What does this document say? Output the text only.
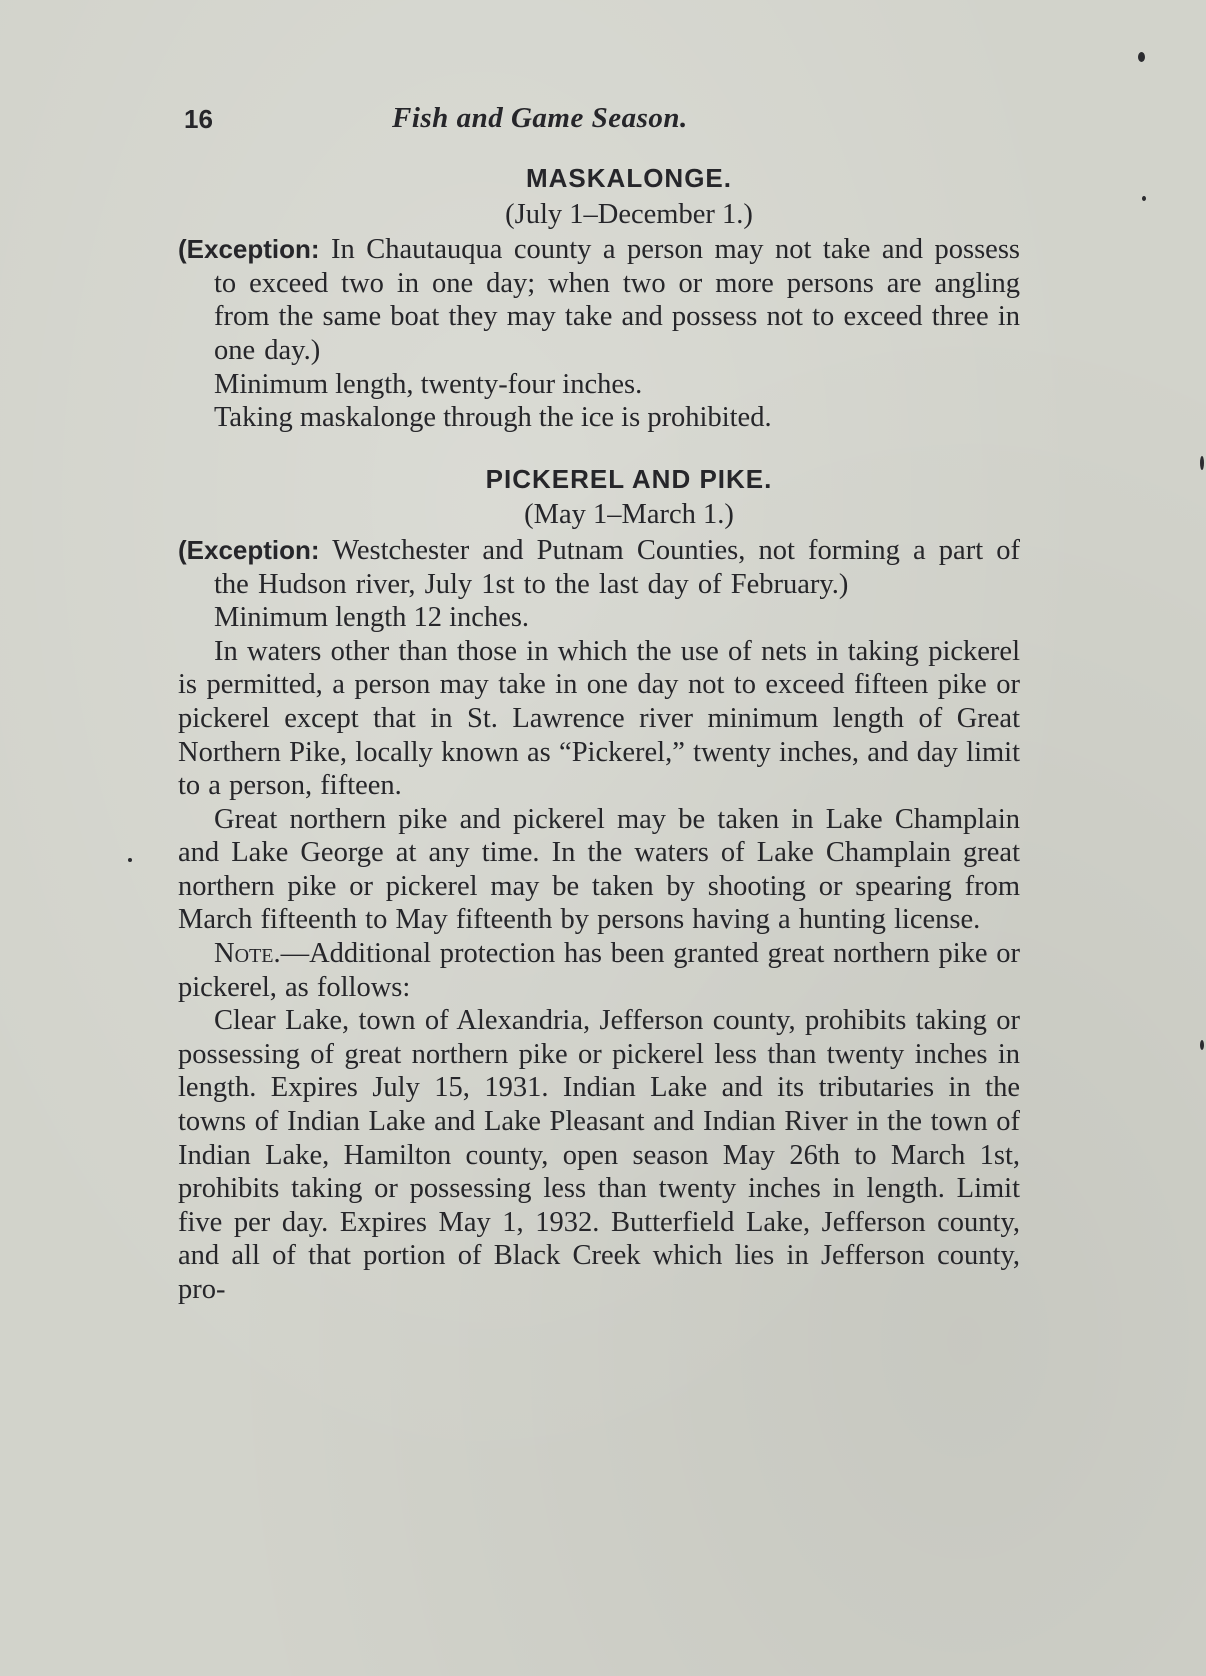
16	Fish and Game Season.

MASKALONGE.

(July 1–December 1.)

(Exception: In Chautauqua county a person may not take and possess to exceed two in one day; when two or more persons are angling from the same boat they may take and possess not to exceed three in one day.)

Minimum length, twenty-four inches.

Taking maskalonge through the ice is prohibited.

PICKEREL AND PIKE.

(May 1–March 1.)

(Exception: Westchester and Putnam Counties, not forming a part of the Hudson river, July 1st to the last day of February.)

Minimum length 12 inches.

In waters other than those in which the use of nets in taking pickerel is permitted, a person may take in one day not to exceed fifteen pike or pickerel except that in St. Lawrence river minimum length of Great Northern Pike, locally known as “Pickerel,” twenty inches, and day limit to a person, fifteen.

Great northern pike and pickerel may be taken in Lake Champlain and Lake George at any time. In the waters of Lake Champlain great northern pike or pickerel may be taken by shooting or spearing from March fifteenth to May fifteenth by persons having a hunting license.

Note.—Additional protection has been granted great northern pike or pickerel, as follows:

Clear Lake, town of Alexandria, Jefferson county, prohibits taking or possessing of great northern pike or pickerel less than twenty inches in length. Expires July 15, 1931. Indian Lake and its tributaries in the towns of Indian Lake and Lake Pleasant and Indian River in the town of Indian Lake, Hamilton county, open season May 26th to March 1st, prohibits taking or possessing less than twenty inches in length. Limit five per day. Expires May 1, 1932. Butterfield Lake, Jefferson county, and all of that portion of Black Creek which lies in Jefferson county, pro-
